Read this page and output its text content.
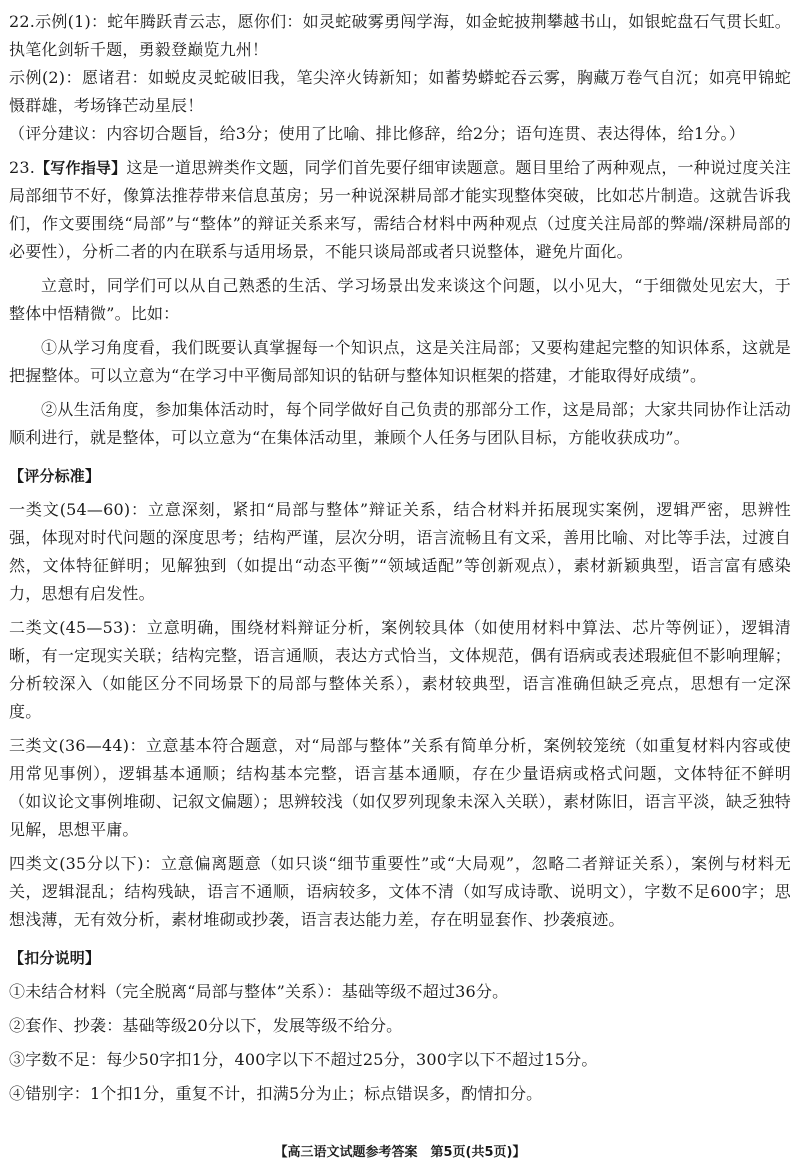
22.示例(1)：蛇年腾跃青云志，愿你们：如灵蛇破雾勇闯学海，如金蛇披荆攀越书山，如银蛇盘石气贯长虹。执笔化剑斩千题，勇毅登巅览九州！

示例(2)：愿诸君：如蜕皮灵蛇破旧我，笔尖淬火铸新知；如蓄势蟒蛇吞云雾，胸藏万卷气自沉；如亮甲锦蛇慑群雄，考场锋芒动星辰！

（评分建议：内容切合题旨，给3分；使用了比喻、排比修辞，给2分；语句连贯、表达得体，给1分。）

23.【写作指导】这是一道思辨类作文题，同学们首先要仔细审读题意。题目里给了两种观点，一种说过度关注局部细节不好，像算法推荐带来信息茧房；另一种说深耕局部才能实现整体突破，比如芯片制造。这就告诉我们，作文要围绕“局部”与“整体”的辩证关系来写，需结合材料中两种观点（过度关注局部的弊端/深耕局部的必要性），分析二者的内在联系与适用场景，不能只谈局部或者只说整体，避免片面化。

立意时，同学们可以从自己熟悉的生活、学习场景出发来谈这个问题，以小见大，“于细微处见宏大，于整体中悟精微”。比如：

①从学习角度看，我们既要认真掌握每一个知识点，这是关注局部；又要构建起完整的知识体系，这就是把握整体。可以立意为“在学习中平衡局部知识的钻研与整体知识框架的搭建，才能取得好成绩”。

②从生活角度，参加集体活动时，每个同学做好自己负责的那部分工作，这是局部；大家共同协作让活动顺利进行，就是整体，可以立意为“在集体活动里，兼顾个人任务与团队目标，方能收获成功”。

【评分标准】

一类文(54—60)：立意深刻，紧扣“局部与整体”辩证关系，结合材料并拓展现实案例，逻辑严密，思辨性强，体现对时代问题的深度思考；结构严谨，层次分明，语言流畅且有文采，善用比喻、对比等手法，过渡自然，文体特征鲜明；见解独到（如提出“动态平衡”“领域适配”等创新观点），素材新颖典型，语言富有感染力，思想有启发性。

二类文(45—53)：立意明确，围绕材料辩证分析，案例较具体（如使用材料中算法、芯片等例证），逻辑清晰，有一定现实关联；结构完整，语言通顺，表达方式恰当，文体规范，偶有语病或表述瑕疵但不影响理解；分析较深入（如能区分不同场景下的局部与整体关系），素材较典型，语言准确但缺乏亮点，思想有一定深度。

三类文(36—44)：立意基本符合题意，对“局部与整体”关系有简单分析，案例较笼统（如重复材料内容或使用常见事例），逻辑基本通顺；结构基本完整，语言基本通顺，存在少量语病或格式问题，文体特征不鲜明（如议论文事例堆砌、记叙文偏题）；思辨较浅（如仅罗列现象未深入关联），素材陈旧，语言平淡，缺乏独特见解，思想平庸。

四类文(35分以下)：立意偏离题意（如只谈“细节重要性”或“大局观”，忽略二者辩证关系），案例与材料无关，逻辑混乱；结构残缺，语言不通顺，语病较多，文体不清（如写成诗歌、说明文），字数不足600字；思想浅薄，无有效分析，素材堆砌或抄袭，语言表达能力差，存在明显套作、抄袭痕迹。

【扣分说明】

①未结合材料（完全脱离“局部与整体”关系）：基础等级不超过36分。

②套作、抄袭：基础等级20分以下，发展等级不给分。

③字数不足：每少50字扣1分，400字以下不超过25分，300字以下不超过15分。

④错别字：1个扣1分，重复不计，扣满5分为止；标点错误多，酌情扣分。

【高三语文试题参考答案　第5页(共5页)】
